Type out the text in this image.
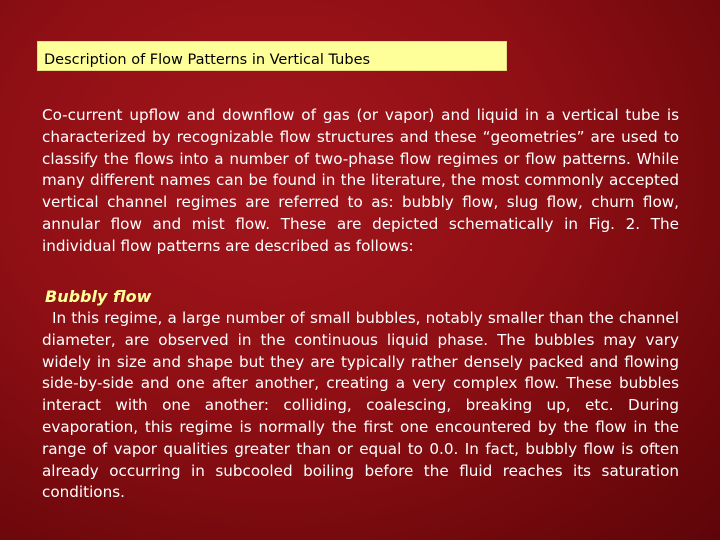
Description of Flow Patterns in Vertical Tubes

Co-current upflow and downflow of gas (or vapor) and liquid in a vertical tube is characterized by recognizable flow structures and these “geometries” are used to classify the flows into a number of two-phase flow regimes or flow patterns. While many different names can be found in the literature, the most commonly accepted vertical channel regimes are referred to as: bubbly flow, slug flow, churn flow, annular flow and mist flow. These are depicted schematically in Fig. 2. The individual flow patterns are described as follows:

Bubbly flow

In this regime, a large number of small bubbles, notably smaller than the channel diameter, are observed in the continuous liquid phase. The bubbles may vary widely in size and shape but they are typically rather densely packed and flowing side-by-side and one after another, creating a very complex flow. These bubbles interact with one another: colliding, coalescing, breaking up, etc. During evaporation, this regime is normally the first one encountered by the flow in the range of vapor qualities greater than or equal to 0.0. In fact, bubbly flow is often already occurring in subcooled boiling before the fluid reaches its saturation conditions.
